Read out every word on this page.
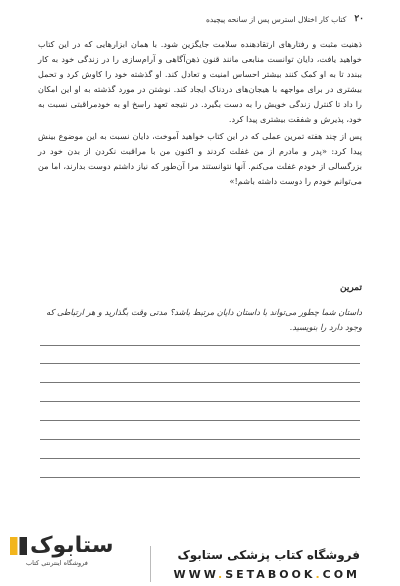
۲۰
کتاب کار اختلال استرس پس از سانحه پیچیده

ذهنیت مثبت و رفتارهای ارتقادهنده سلامت جایگزین شود. با همان ابزارهایی که در این کتاب خواهید یافت، دایان توانست منابعی مانند قنون ذهن‌آگاهی و آرام‌سازی را در زندگی خود به کار ببندد تا به او کمک کنند بیشتر احساس امنیت و تعادل کند. او گذشته خود را کاوش کرد و تحمل بیشتری در برای مواجهه با هیجان‌های دردناک ایجاد کند. نوشتن در مورد گذشته به او این امکان را داد تا کنترل زندگی خویش را به دست بگیرد. در نتیجه تعهد راسخ او به خودمراقبتی نسبت به خود، پذیرش و شفقت بیشتری پیدا کرد.

پس از چند هفته تمرین عملی که در این کتاب خواهید آموخت، دایان نسبت به این موضوع بینش پیدا کرد: «پدر و مادرم از من غفلت کردند و اکنون من با مراقبت نکردن از بدن خود در بزرگسالی از خودم غفلت می‌کنم. آنها نتوانستند مرا آن‌طور که نیاز داشتم دوست بدارند، اما من می‌توانم خودم را دوست داشته باشم!»

تمرین
داستان شما چطور می‌تواند با داستان دایان مرتبط باشد؟ مدتی وقت بگذارید و هر ارتباطی که وجود دارد را بنویسید.
ستابوک
فروشگاه اینترنتی کتاب
فروشگاه کتاب پزشکی ستابوک
WWW.SETABOOK.COM
